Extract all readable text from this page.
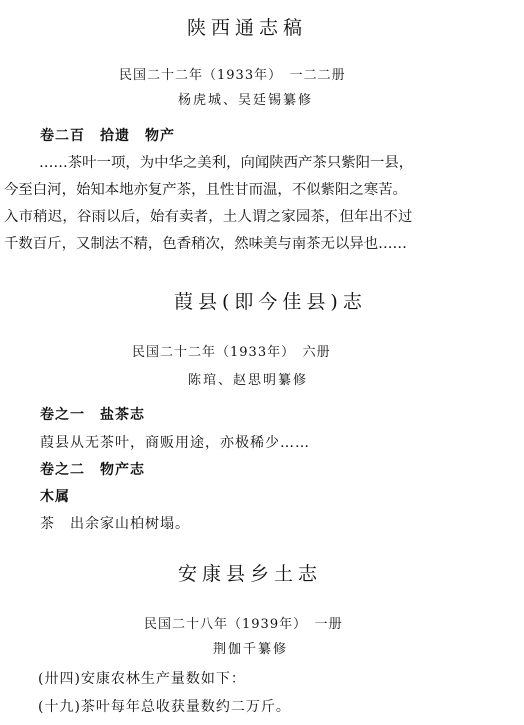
陕西通志稿
民国二十二年（1933年）　一二二册
杨虎城、吴廷锡纂修
卷二百　拾遗　物产
……茶叶一项，为中华之美利，向闻陕西产茶只紫阳一县，
今至白河，始知本地亦复产茶，且性甘而温，不似紫阳之寒苦。
入市稍迟，谷雨以后，始有卖者，土人谓之家园茶，但年出不过
千数百斤，又制法不精，色香稍次，然味美与南茶无以异也……
葭县(即今佳县)志
民国二十二年（1933年）　六册
陈琯、赵思明纂修
卷之一　盐茶志
葭县从无茶叶，商贩用途，亦极稀少……
卷之二　物产志
木属
茶　出余家山柏树塌。
安康县乡土志
民国二十八年（1939年）　一册
荆伽千纂修
(卅四)安康农林生产量数如下：
(十九)茶叶每年总收获量数约二万斤。
